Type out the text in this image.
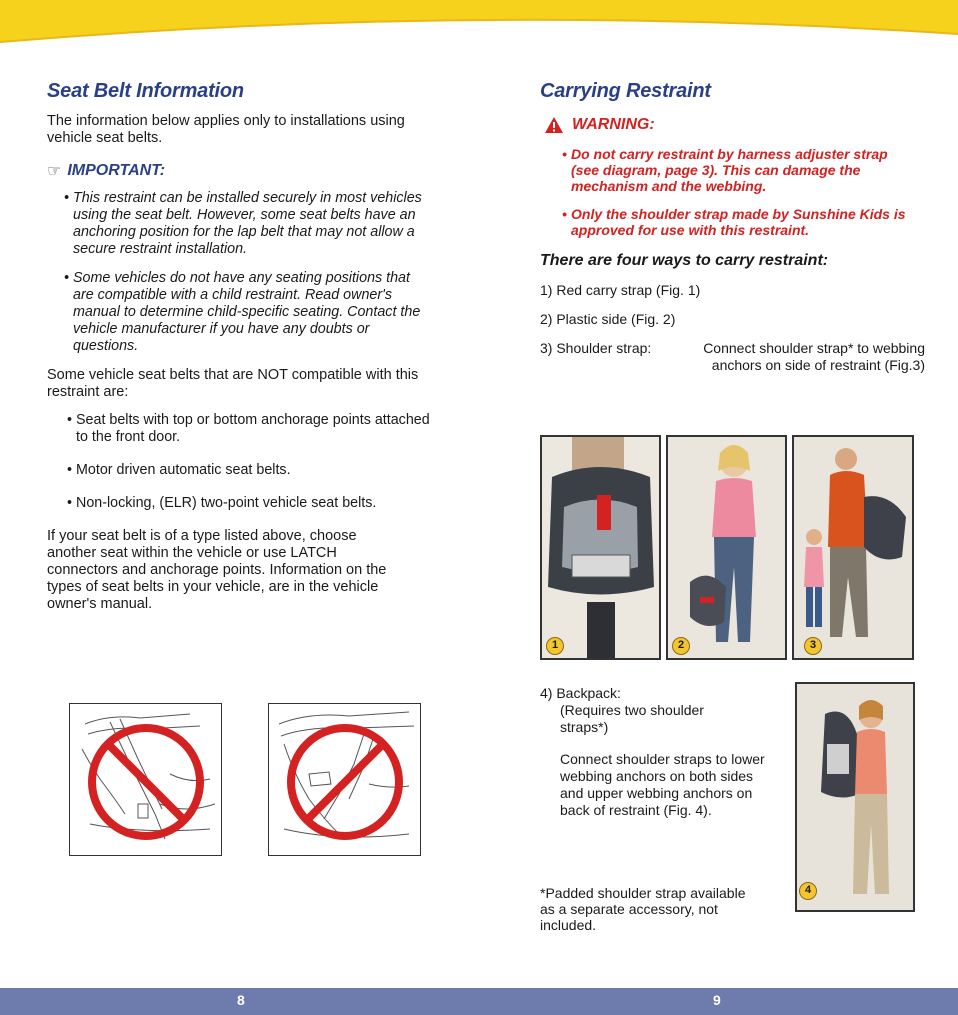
Seat Belt Information

The information below applies only to installations using vehicle seat belts.

☞ IMPORTANT:
• This restraint can be installed securely in most vehicles using the seat belt. However, some seat belts have an anchoring position for the lap belt that may not allow a secure restraint installation.
• Some vehicles do not have any seating positions that are compatible with a child restraint. Read owner's manual to determine child-specific seating. Contact the vehicle manufacturer if you have any doubts or questions.

Some vehicle seat belts that are NOT compatible with this restraint are:

• Seat belts with top or bottom anchorage points attached to the front door.
• Motor driven automatic seat belts.
• Non-locking, (ELR) two-point vehicle seat belts.

If your seat belt is of a type listed above, choose another seat within the vehicle or use LATCH connectors and anchorage points. Information on the types of seat belts in your vehicle, are in the vehicle owner's manual.

Carrying Restraint
WARNING:
• Do not carry restraint by harness adjuster strap (see diagram, page 3). This can damage the mechanism and the webbing.
• Only the shoulder strap made by Sunshine Kids is approved for use with this restraint.
There are four ways to carry restraint:
1) Red carry strap (Fig. 1)
2) Plastic side (Fig. 2)
3) Shoulder strap:	Connect shoulder strap* to webbing anchors on side of restraint (Fig.3)
1	2	3
4) Backpack:
(Requires two shoulder straps*)
Connect shoulder straps to lower webbing anchors on both sides and upper webbing anchors on back of restraint (Fig. 4).
*Padded shoulder strap available as a separate accessory, not included.
4
8	9
